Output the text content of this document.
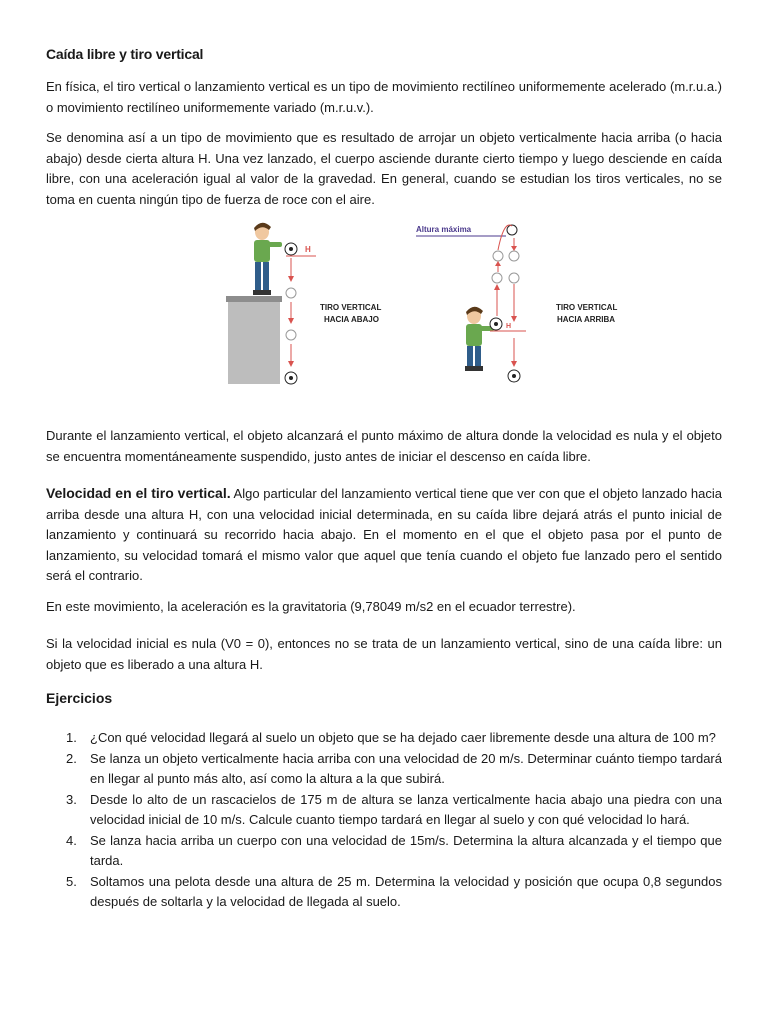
Caída libre y tiro vertical

En física, el tiro vertical o lanzamiento vertical es un tipo de movimiento rectilíneo uniformemente acelerado (m.r.u.a.) o movimiento rectilíneo uniformemente variado (m.r.u.v.).

Se denomina así a un tipo de movimiento que es resultado de arrojar un objeto verticalmente hacia arriba (o hacia abajo) desde cierta altura H. Una vez lanzado, el cuerpo asciende durante cierto tiempo y luego desciende en caída libre, con una aceleración igual al valor de la gravedad. En general, cuando se estudian los tiros verticales, no se toma en cuenta ningún tipo de fuerza de roce con el aire.

H
TIRO VERTICAL
HACIA ABAJO
Altura máxima
H
TIRO VERTICAL
HACIA ARRIBA

Durante el lanzamiento vertical, el objeto alcanzará el punto máximo de altura donde la velocidad es nula y el objeto se encuentra momentáneamente suspendido, justo antes de iniciar el descenso en caída libre.

Velocidad en el tiro vertical. Algo particular del lanzamiento vertical tiene que ver con que el objeto lanzado hacia arriba desde una altura H, con una velocidad inicial determinada, en su caída libre dejará atrás el punto inicial de lanzamiento y continuará su recorrido hacia abajo. En el momento en el que el objeto pasa por el punto de lanzamiento, su velocidad tomará el mismo valor que aquel que tenía cuando el objeto fue lanzado pero el sentido será el contrario.

En este movimiento, la aceleración es la gravitatoria (9,78049 m/s2 en el ecuador terrestre).

Si la velocidad inicial es nula (V0 = 0), entonces no se trata de un lanzamiento vertical, sino de una caída libre: un objeto que es liberado a una altura H.

Ejercicios
1. ¿Con qué velocidad llegará al suelo un objeto que se ha dejado caer libremente desde una altura de 100 m?
2. Se lanza un objeto verticalmente hacia arriba con una velocidad de 20 m/s. Determinar cuánto tiempo tardará en llegar al punto más alto, así como la altura a la que subirá.
3. Desde lo alto de un rascacielos de 175 m de altura se lanza verticalmente hacia abajo una piedra con una velocidad inicial de 10 m/s. Calcule cuanto tiempo tardará en llegar al suelo y con qué velocidad lo hará.
4. Se lanza hacia arriba un cuerpo con una velocidad de 15m/s. Determina la altura alcanzada y el tiempo que tarda.
5. Soltamos una pelota desde una altura de 25 m. Determina la velocidad y posición que ocupa 0,8 segundos después de soltarla y la velocidad de llegada al suelo.
